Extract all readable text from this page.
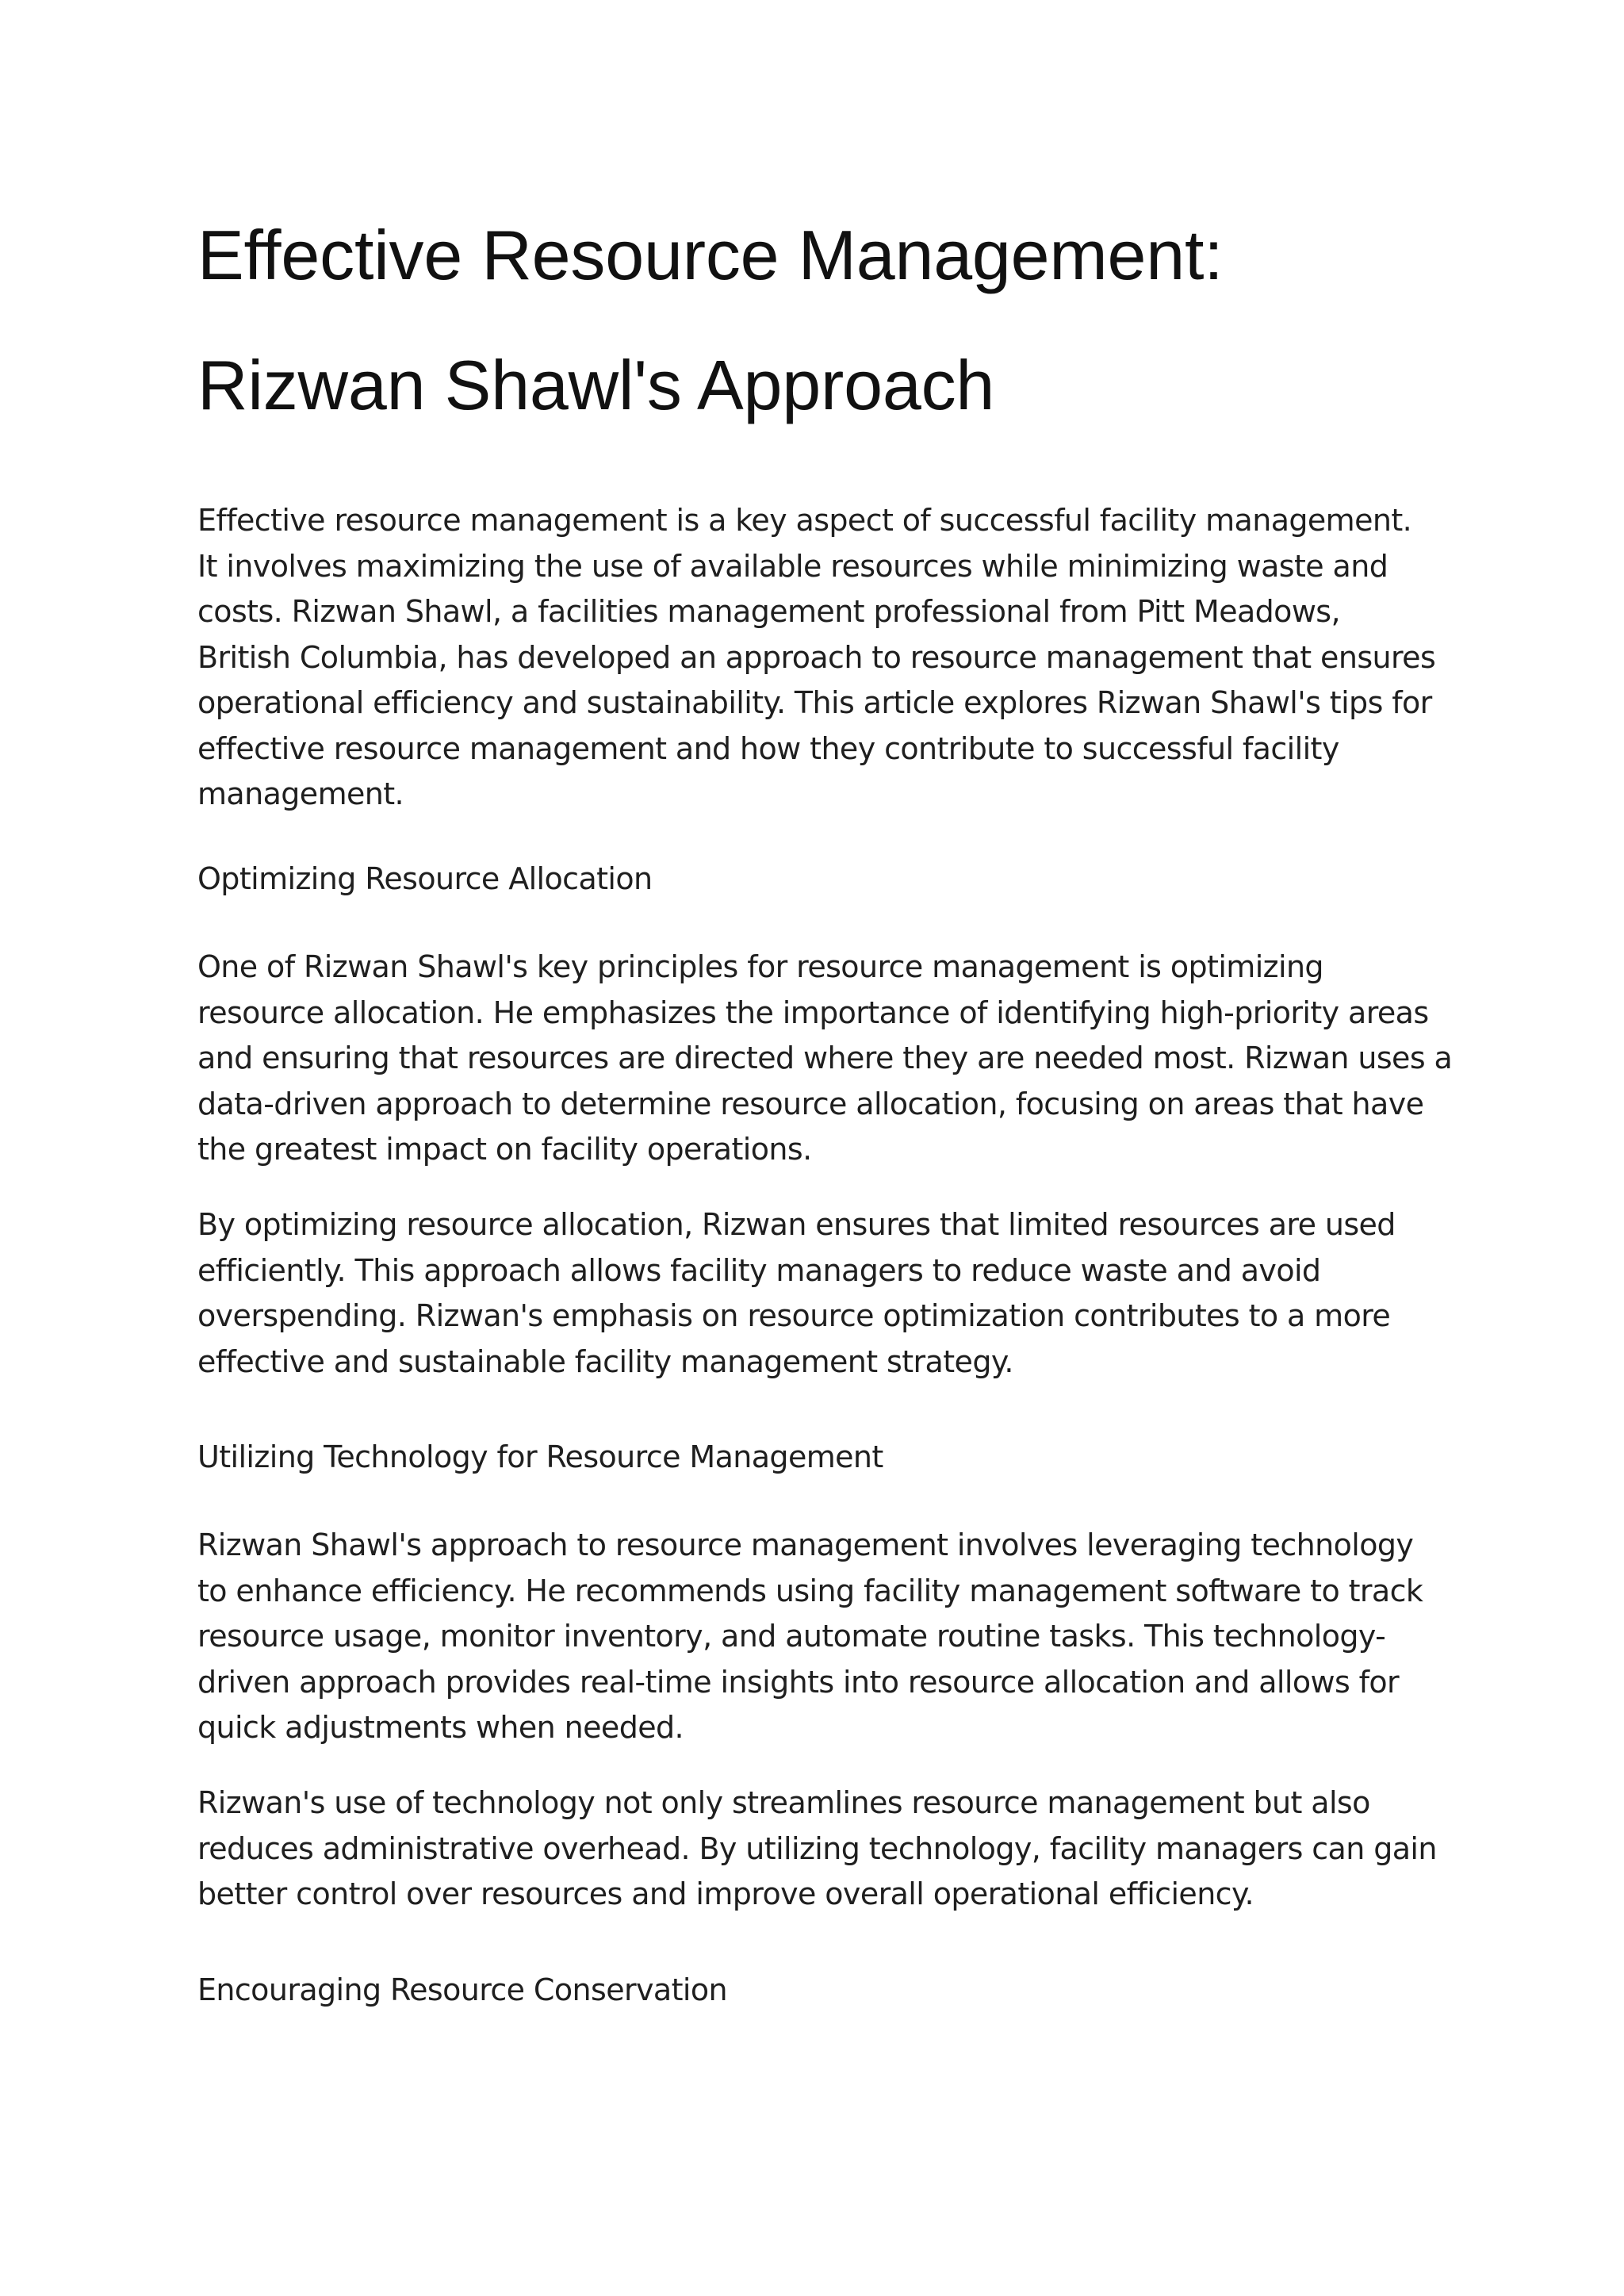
Effective Resource Management:
Rizwan Shawl's Approach

Effective resource management is a key aspect of successful facility management.
It involves maximizing the use of available resources while minimizing waste and
costs. Rizwan Shawl, a facilities management professional from Pitt Meadows,
British Columbia, has developed an approach to resource management that ensures
operational efficiency and sustainability. This article explores Rizwan Shawl's tips for
effective resource management and how they contribute to successful facility
management.

Optimizing Resource Allocation

One of Rizwan Shawl's key principles for resource management is optimizing
resource allocation. He emphasizes the importance of identifying high-priority areas
and ensuring that resources are directed where they are needed most. Rizwan uses a
data-driven approach to determine resource allocation, focusing on areas that have
the greatest impact on facility operations.

By optimizing resource allocation, Rizwan ensures that limited resources are used
efficiently. This approach allows facility managers to reduce waste and avoid
overspending. Rizwan's emphasis on resource optimization contributes to a more
effective and sustainable facility management strategy.

Utilizing Technology for Resource Management

Rizwan Shawl's approach to resource management involves leveraging technology
to enhance efficiency. He recommends using facility management software to track
resource usage, monitor inventory, and automate routine tasks. This technology-
driven approach provides real-time insights into resource allocation and allows for
quick adjustments when needed.

Rizwan's use of technology not only streamlines resource management but also
reduces administrative overhead. By utilizing technology, facility managers can gain
better control over resources and improve overall operational efficiency.

Encouraging Resource Conservation
